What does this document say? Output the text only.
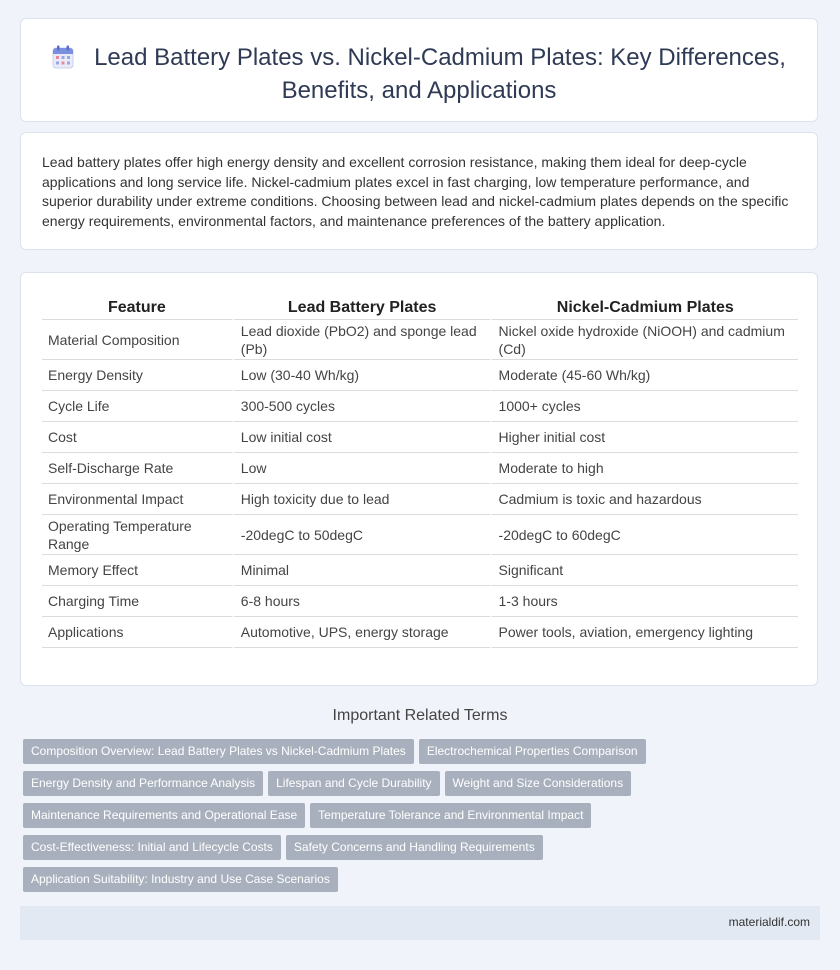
Lead Battery Plates vs. Nickel-Cadmium Plates: Key Differences,
Benefits, and Applications
Lead battery plates offer high energy density and excellent corrosion resistance, making them ideal for deep-cycle applications and long service life. Nickel-cadmium plates excel in fast charging, low temperature performance, and superior durability under extreme conditions. Choosing between lead and nickel-cadmium plates depends on the specific energy requirements, environmental factors, and maintenance preferences of the battery application.
Feature	Lead Battery Plates	Nickel-Cadmium Plates
Material Composition	Lead dioxide (PbO2) and sponge lead (Pb)	Nickel oxide hydroxide (NiOOH) and cadmium (Cd)
Energy Density	Low (30-40 Wh/kg)	Moderate (45-60 Wh/kg)
Cycle Life	300-500 cycles	1000+ cycles
Cost	Low initial cost	Higher initial cost
Self-Discharge Rate	Low	Moderate to high
Environmental Impact	High toxicity due to lead	Cadmium is toxic and hazardous
Operating Temperature Range	-20degC to 50degC	-20degC to 60degC
Memory Effect	Minimal	Significant
Charging Time	6-8 hours	1-3 hours
Applications	Automotive, UPS, energy storage	Power tools, aviation, emergency lighting
Important Related Terms
Composition Overview: Lead Battery Plates vs Nickel-Cadmium Plates Electrochemical Properties Comparison
Energy Density and Performance Analysis Lifespan and Cycle Durability Weight and Size Considerations
Maintenance Requirements and Operational Ease Temperature Tolerance and Environmental Impact
Cost-Effectiveness: Initial and Lifecycle Costs Safety Concerns and Handling Requirements
Application Suitability: Industry and Use Case Scenarios
materialdif.com
